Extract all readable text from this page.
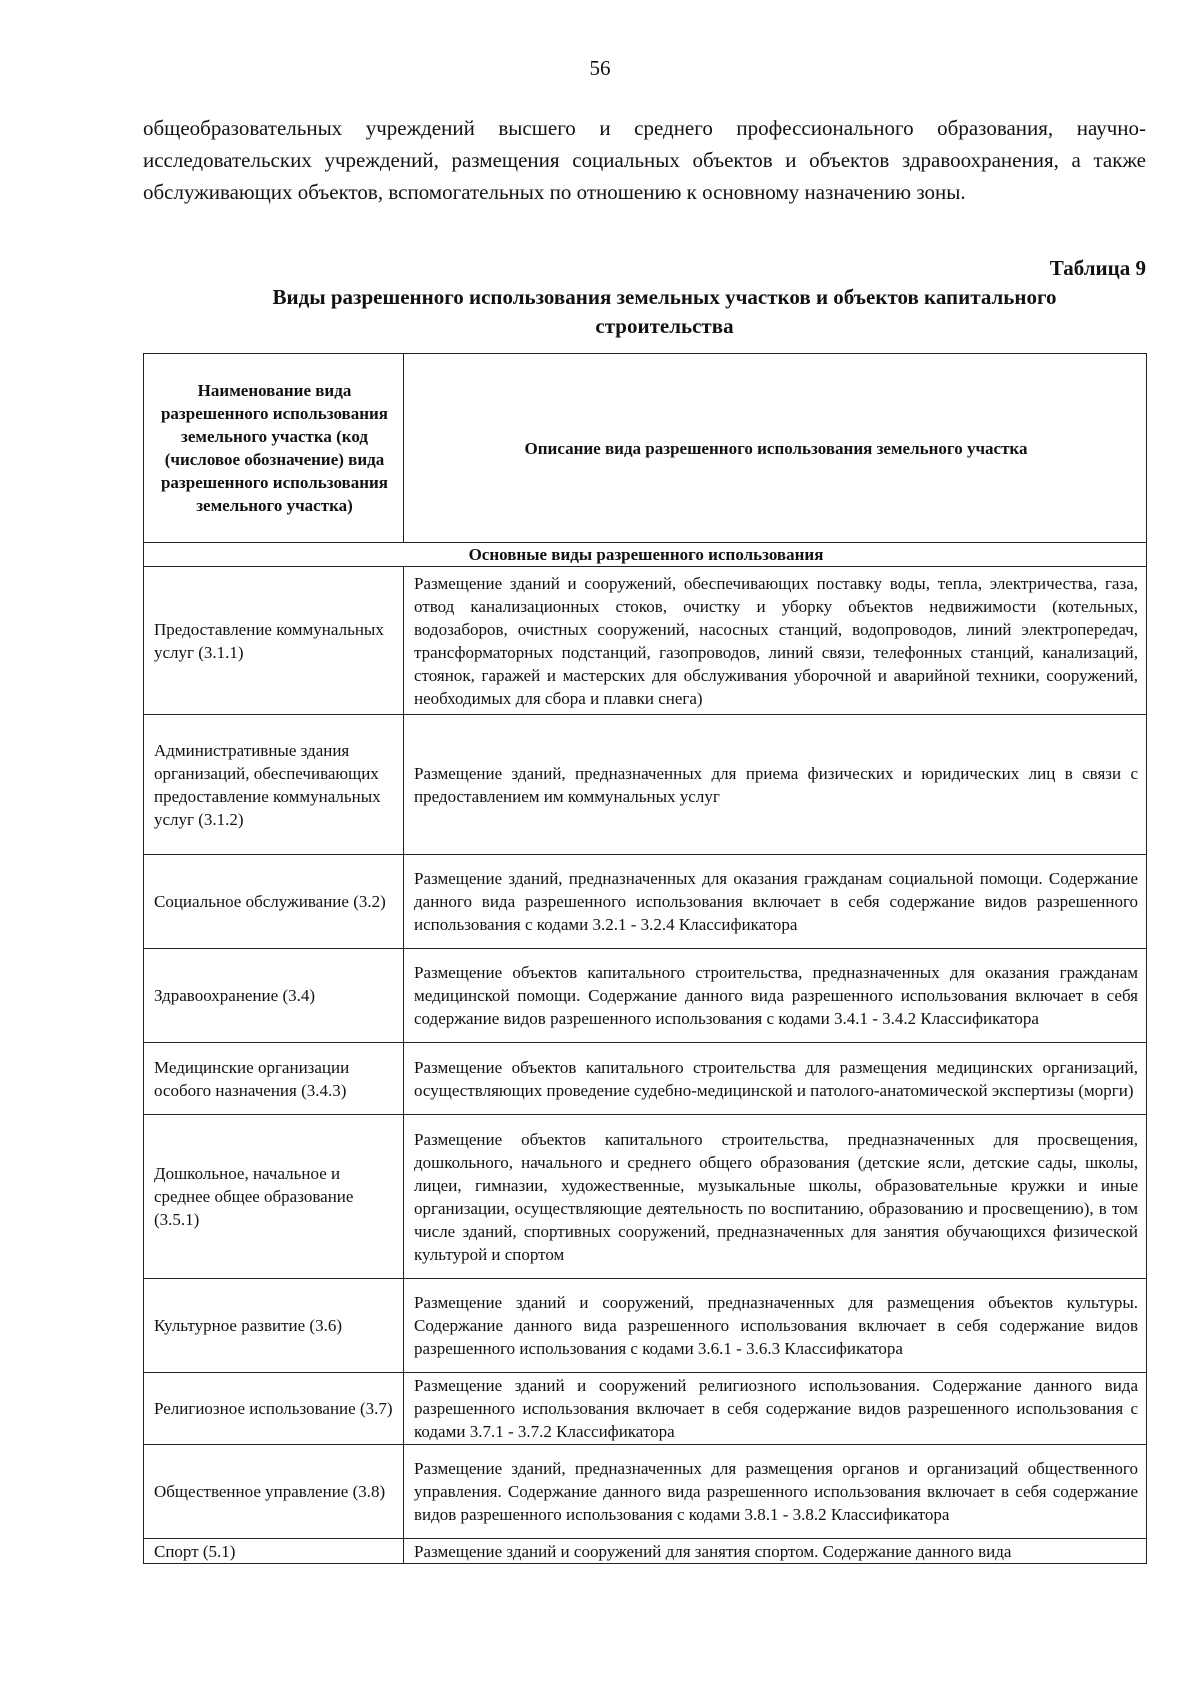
56

общеобразовательных учреждений высшего и среднего профессионального образования, научно-исследовательских учреждений, размещения социальных объектов и объектов здравоохранения, а также обслуживающих объектов, вспомогательных по отношению к основному назначению зоны.

Таблица 9
Виды разрешенного использования земельных участков и объектов капитального
строительства
Наименование вида разрешенного использования земельного участка (код (числовое обозначение) вида разрешенного использования земельного участка)	Описание вида разрешенного использования земельного участка
Основные виды разрешенного использования	
Предоставление коммунальных услуг (3.1.1)	Размещение зданий и сооружений, обеспечивающих поставку воды, тепла, электричества, газа, отвод канализационных стоков, очистку и уборку объектов недвижимости (котельных, водозаборов, очистных сооружений, насосных станций, водопроводов, линий электропередач, трансформаторных подстанций, газопроводов, линий связи, телефонных станций, канализаций, стоянок, гаражей и мастерских для обслуживания уборочной и аварийной техники, сооружений, необходимых для сбора и плавки снега)
Административные здания организаций, обеспечивающих предоставление коммунальных услуг (3.1.2)	Размещение зданий, предназначенных для приема физических и юридических лиц в связи с предоставлением им коммунальных услуг
Социальное обслуживание (3.2)	Размещение зданий, предназначенных для оказания гражданам социальной помощи. Содержание данного вида разрешенного использования включает в себя содержание видов разрешенного использования с кодами 3.2.1 - 3.2.4 Классификатора
Здравоохранение (3.4)	Размещение объектов капитального строительства, предназначенных для оказания гражданам медицинской помощи. Содержание данного вида разрешенного использования включает в себя содержание видов разрешенного использования с кодами 3.4.1 - 3.4.2 Классификатора
Медицинские организации особого назначения (3.4.3)	Размещение объектов капитального строительства для размещения медицинских организаций, осуществляющих проведение судебно-медицинской и патолого-анатомической экспертизы (морги)
Дошкольное, начальное и среднее общее образование (3.5.1)	Размещение объектов капитального строительства, предназначенных для просвещения, дошкольного, начального и среднего общего образования (детские ясли, детские сады, школы, лицеи, гимназии, художественные, музыкальные школы, образовательные кружки и иные организации, осуществляющие деятельность по воспитанию, образованию и просвещению), в том числе зданий, спортивных сооружений, предназначенных для занятия обучающихся физической культурой и спортом
Культурное развитие (3.6)	Размещение зданий и сооружений, предназначенных для размещения объектов культуры. Содержание данного вида разрешенного использования включает в себя содержание видов разрешенного использования с кодами 3.6.1 - 3.6.3 Классификатора
Религиозное использование (3.7)	Размещение зданий и сооружений религиозного использования. Содержание данного вида разрешенного использования включает в себя содержание видов разрешенного использования с кодами 3.7.1 - 3.7.2 Классификатора
Общественное управление (3.8)	Размещение зданий, предназначенных для размещения органов и организаций общественного управления. Содержание данного вида разрешенного использования включает в себя содержание видов разрешенного использования с кодами 3.8.1 - 3.8.2 Классификатора
Спорт (5.1)	Размещение зданий и сооружений для занятия спортом. Содержание данного вида
